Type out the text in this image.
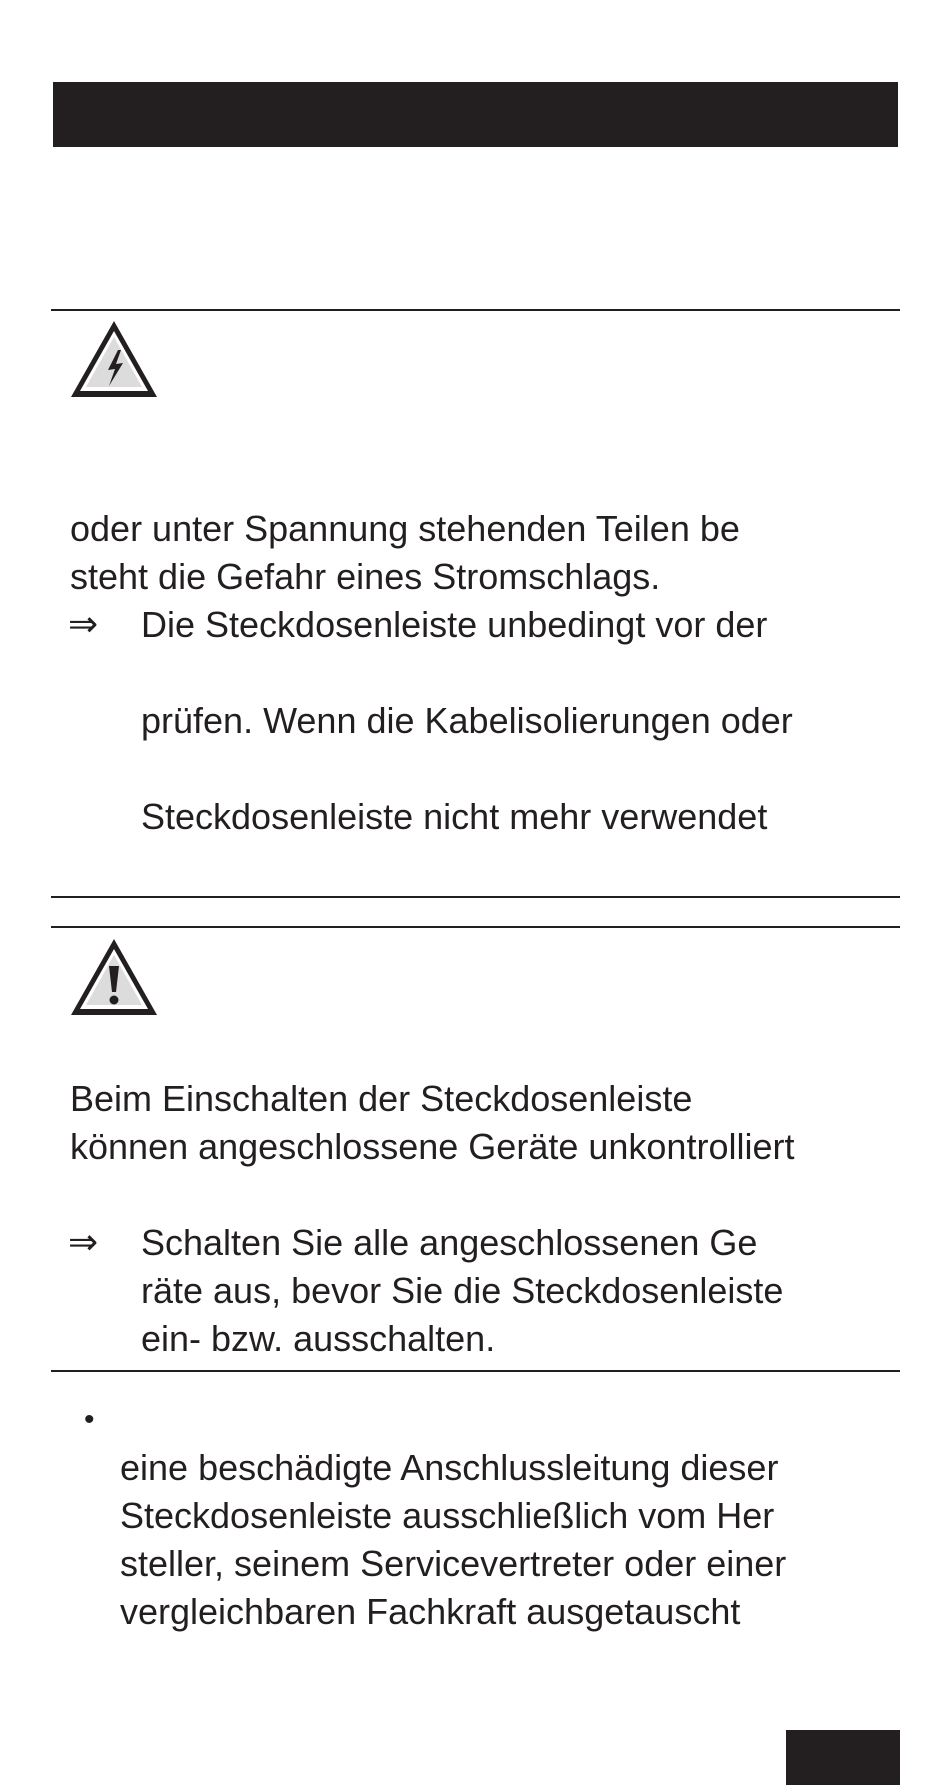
oder unter Spannung stehenden Teilen be
steht die Gefahr eines Stromschlags.
⇒ Die Steckdosenleiste unbedingt vor der
prüfen. Wenn die Kabelisolierungen oder
Steckdosenleiste nicht mehr verwendet
Beim Einschalten der Steckdosenleiste
können angeschlossene Geräte unkontrolliert
⇒ Schalten Sie alle angeschlossenen Ge
räte aus, bevor Sie die Steckdosenleiste
ein- bzw. ausschalten.
•
eine beschädigte Anschlussleitung dieser
Steckdosenleiste ausschließlich vom Her
steller, seinem Servicevertreter oder einer
vergleichbaren Fachkraft ausgetauscht
